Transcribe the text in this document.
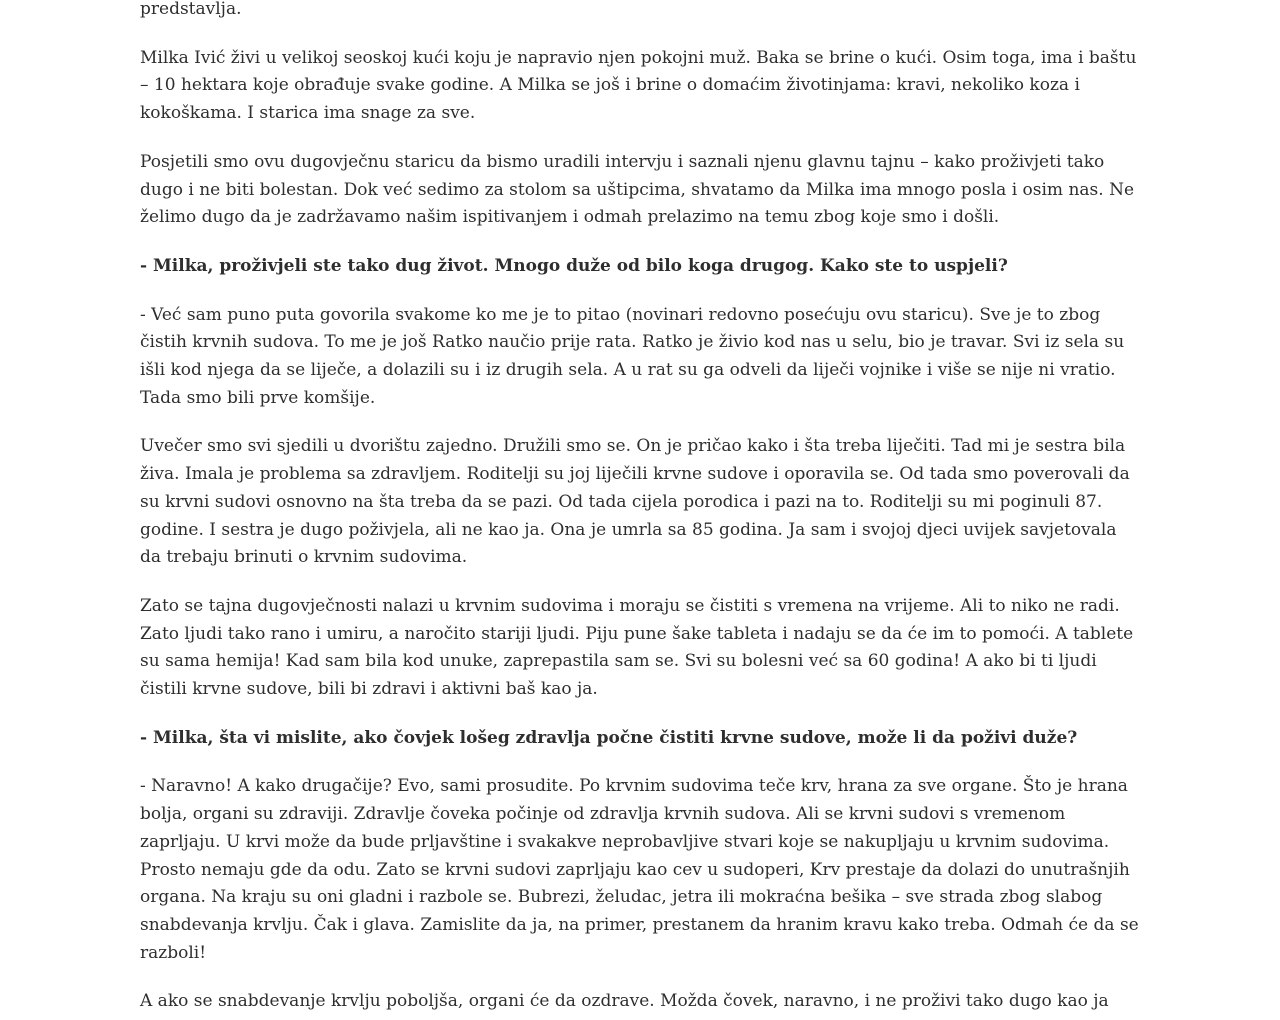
predstavlja.

Milka Ivić živi u velikoj seoskoj kući koju je napravio njen pokojni muž. Baka se brine o kući. Osim toga, ima i baštu – 10 hektara koje obrađuje svake godine. A Milka se još i brine o domaćim životinjama: kravi, nekoliko koza i kokoškama. I starica ima snage za sve.

Posjetili smo ovu dugovječnu staricu da bismo uradili intervju i saznali njenu glavnu tajnu – kako proživjeti tako dugo i ne biti bolestan. Dok već sedimo za stolom sa uštipcima, shvatamo da Milka ima mnogo posla i osim nas. Ne želimo dugo da je zadržavamo našim ispitivanjem i odmah prelazimo na temu zbog koje smo i došli.

- Milka, proživjeli ste tako dug život. Mnogo duže od bilo koga drugog. Kako ste to uspjeli?

- Već sam puno puta govorila svakome ko me je to pitao (novinari redovno posećuju ovu staricu). Sve je to zbog čistih krvnih sudova. To me je još Ratko naučio prije rata. Ratko je živio kod nas u selu, bio je travar. Svi iz sela su išli kod njega da se liječe, a dolazili su i iz drugih sela. A u rat su ga odveli da liječi vojnike i više se nije ni vratio. Tada smo bili prve komšije.

Uvečer smo svi sjedili u dvorištu zajedno. Družili smo se. On je pričao kako i šta treba liječiti. Tad mi je sestra bila živa. Imala je problema sa zdravljem. Roditelji su joj liječili krvne sudove i oporavila se. Od tada smo poverovali da su krvni sudovi osnovno na šta treba da se pazi. Od tada cijela porodica i pazi na to. Roditelji su mi poginuli 87. godine. I sestra je dugo poživjela, ali ne kao ja. Ona je umrla sa 85 godina. Ja sam i svojoj djeci uvijek savjetovala da trebaju brinuti o krvnim sudovima.

Zato se tajna dugovječnosti nalazi u krvnim sudovima i moraju se čistiti s vremena na vrijeme. Ali to niko ne radi. Zato ljudi tako rano i umiru, a naročito stariji ljudi. Piju pune šake tableta i nadaju se da će im to pomoći. A tablete su sama hemija! Kad sam bila kod unuke, zaprepastila sam se. Svi su bolesni već sa 60 godina! A ako bi ti ljudi čistili krvne sudove, bili bi zdravi i aktivni baš kao ja.

- Milka, šta vi mislite, ako čovjek lošeg zdravlja počne čistiti krvne sudove, može li da poživi duže?

- Naravno! A kako drugačije? Evo, sami prosudite. Po krvnim sudovima teče krv, hrana za sve organe. Što je hrana bolja, organi su zdraviji. Zdravlje čoveka počinje od zdravlja krvnih sudova. Ali se krvni sudovi s vremenom zaprljaju. U krvi može da bude prljavštine i svakakve neprobavljive stvari koje se nakupljaju u krvnim sudovima. Prosto nemaju gde da odu. Zato se krvni sudovi zaprljaju kao cev u sudoperi, Krv prestaje da dolazi do unutrašnjih organa. Na kraju su oni gladni i razbole se. Bubrezi, želudac, jetra ili mokraćna bešika – sve strada zbog slabog snabdevanja krvlju. Čak i glava. Zamislite da ja, na primer, prestanem da hranim kravu kako treba. Odmah će da se razboli!

A ako se snabdevanje krvlju poboljša, organi će da ozdrave. Možda čovek, naravno, i ne proživi tako dugo kao ja
